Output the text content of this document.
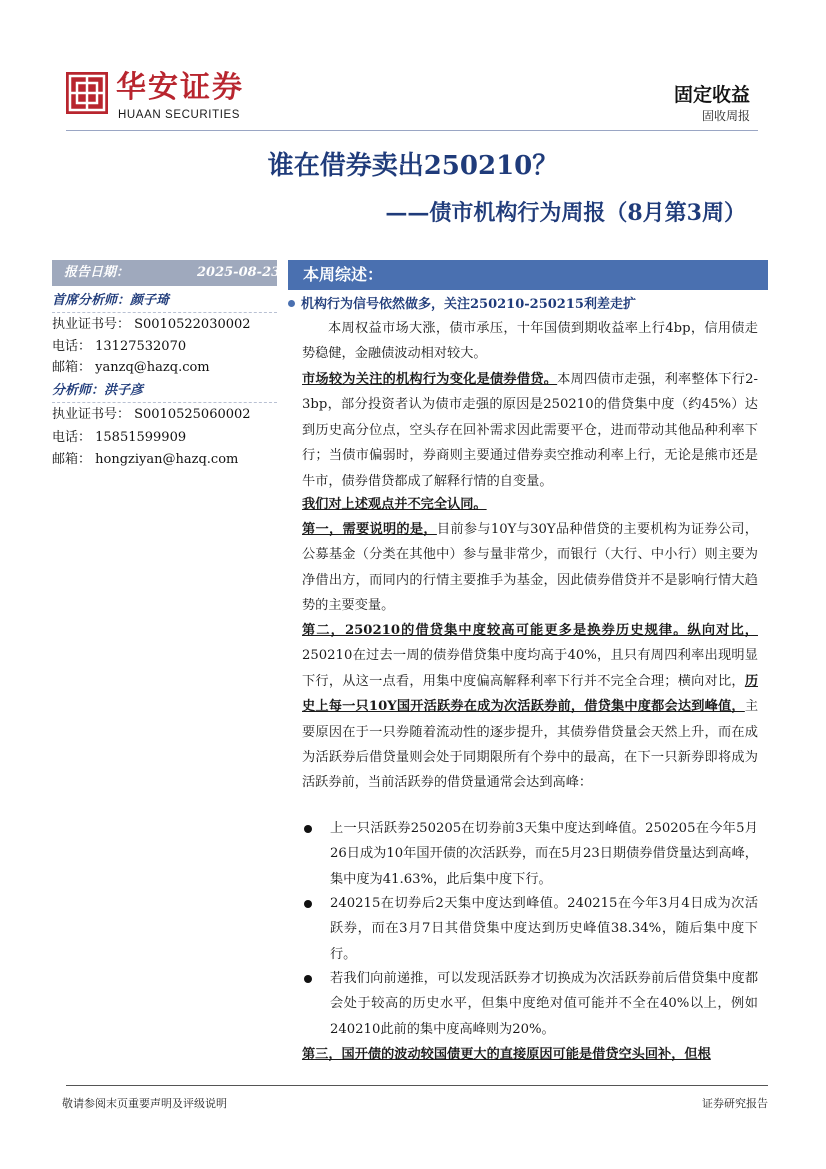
华安证券
HUAAN SECURITIES
固定收益
固收周报
谁在借券卖出250210？
——债市机构行为周报（8月第3周）
报告日期：	2025-08-23
首席分析师：颜子琦
执业证书号： S0010522030002
电话： 13127532070
邮箱： yanzq@hazq.com
分析师：洪子彦
执业证书号： S0010525060002
电话： 15851599909
邮箱： hongziyan@hazq.com
本周综述：
机构行为信号依然做多，关注250210-250215利差走扩
本周权益市场大涨，债市承压，十年国债到期收益率上行4bp，信用债走势稳健，金融债波动相对较大。
市场较为关注的机构行为变化是债券借贷。本周四债市走强，利率整体下行2-3bp，部分投资者认为债市走强的原因是250210的借贷集中度（约45%）达到历史高分位点，空头存在回补需求因此需要平仓，进而带动其他品种利率下行；当债市偏弱时，券商则主要通过借券卖空推动利率上行，无论是熊市还是牛市，债券借贷都成了解释行情的自变量。
我们对上述观点并不完全认同。
第一，需要说明的是，目前参与10Y与30Y品种借贷的主要机构为证券公司，公募基金（分类在其他中）参与量非常少，而银行（大行、中小行）则主要为净借出方，而同内的行情主要推手为基金，因此债券借贷并不是影响行情大趋势的主要变量。
第二，250210的借贷集中度较高可能更多是换券历史规律。纵向对比，250210在过去一周的债券借贷集中度均高于40%，且只有周四利率出现明显下行，从这一点看，用集中度偏高解释利率下行并不完全合理；横向对比，历史上每一只10Y国开活跃券在成为次活跃券前，借贷集中度都会达到峰值，主要原因在于一只券随着流动性的逐步提升，其债券借贷量会天然上升，而在成为活跃券后借贷量则会处于同期限所有个券中的最高，在下一只新券即将成为活跃券前，当前活跃券的借贷量通常会达到高峰：
上一只活跃券250205在切券前3天集中度达到峰值。250205在今年5月26日成为10年国开债的次活跃券，而在5月23日期债券借贷量达到高峰，集中度为41.63%，此后集中度下行。
240215在切券后2天集中度达到峰值。240215在今年3月4日成为次活跃券，而在3月7日其借贷集中度达到历史峰值38.34%，随后集中度下行。
若我们向前递推，可以发现活跃券才切换成为次活跃券前后借贷集中度都会处于较高的历史水平，但集中度绝对值可能并不全在40%以上，例如240210此前的集中度高峰则为20%。
第三，国开债的波动较国债更大的直接原因可能是借贷空头回补，但根
敬请参阅末页重要声明及评级说明	证券研究报告
